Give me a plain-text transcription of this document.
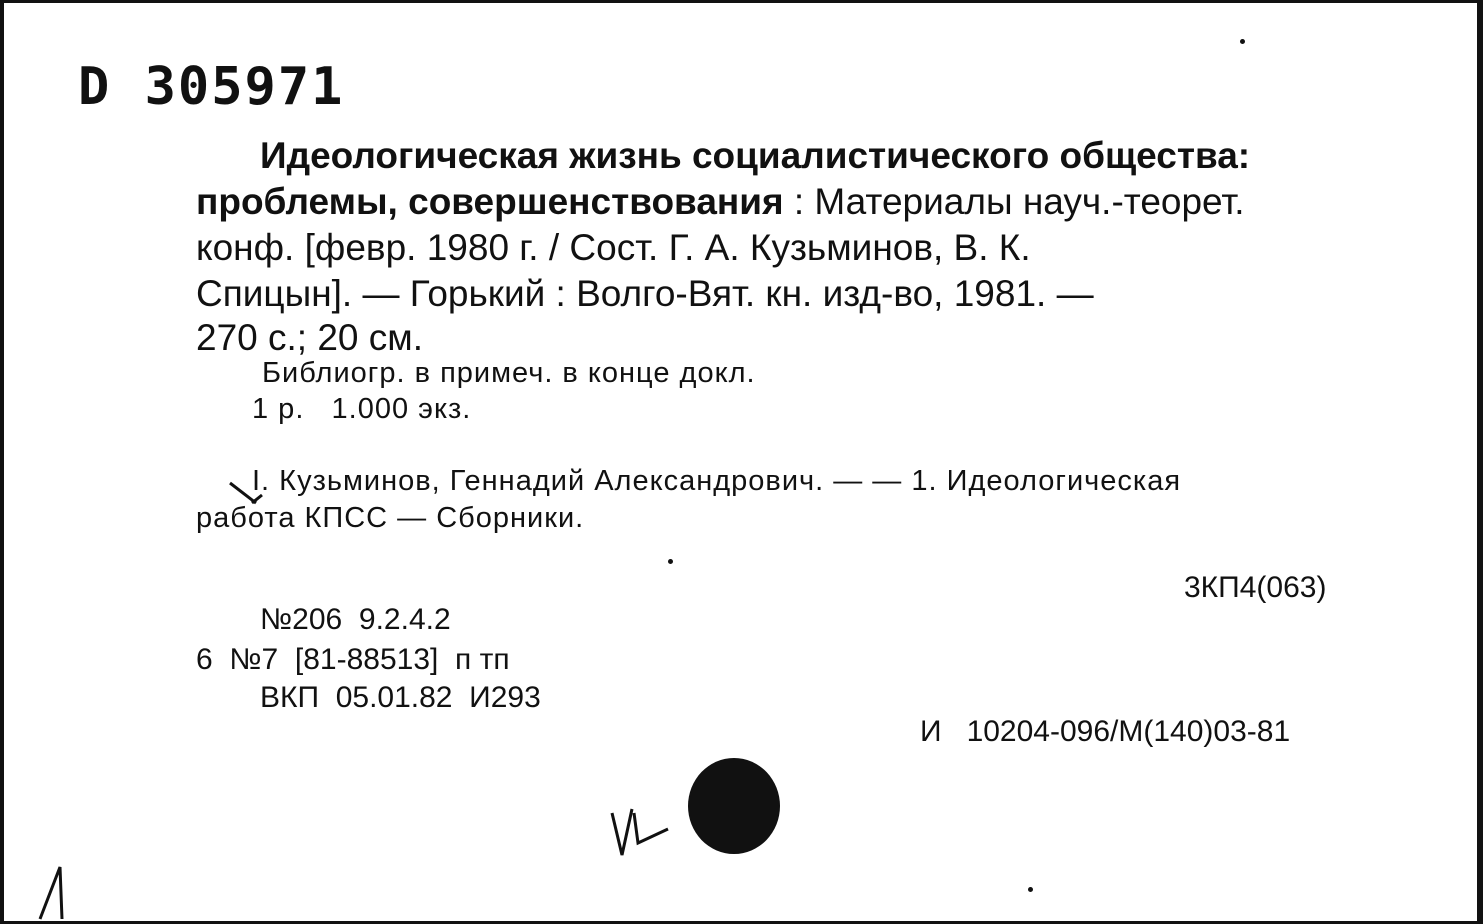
D 305971
Идеологическая жизнь социалистического общества:
проблемы, совершенствования : Материалы науч.-теорет.
конф. [февр. 1980 г. / Сост. Г. А. Кузьминов, В. К.
Спицын]. — Горький : Волго-Вят. кн. изд-во, 1981. —
270 с.; 20 см.
Библиогр. в примеч. в конце докл.
1 р.   1.000 экз.
I. Кузьминов, Геннадий Александрович. — — 1. Идеологическая
работа КПСС — Сборники.
3КП4(063)
№206  9.2.4.2
6  №7  [81-88513]  п тп
ВКП  05.01.82  И293
И   10204-096/М(140)03-81
